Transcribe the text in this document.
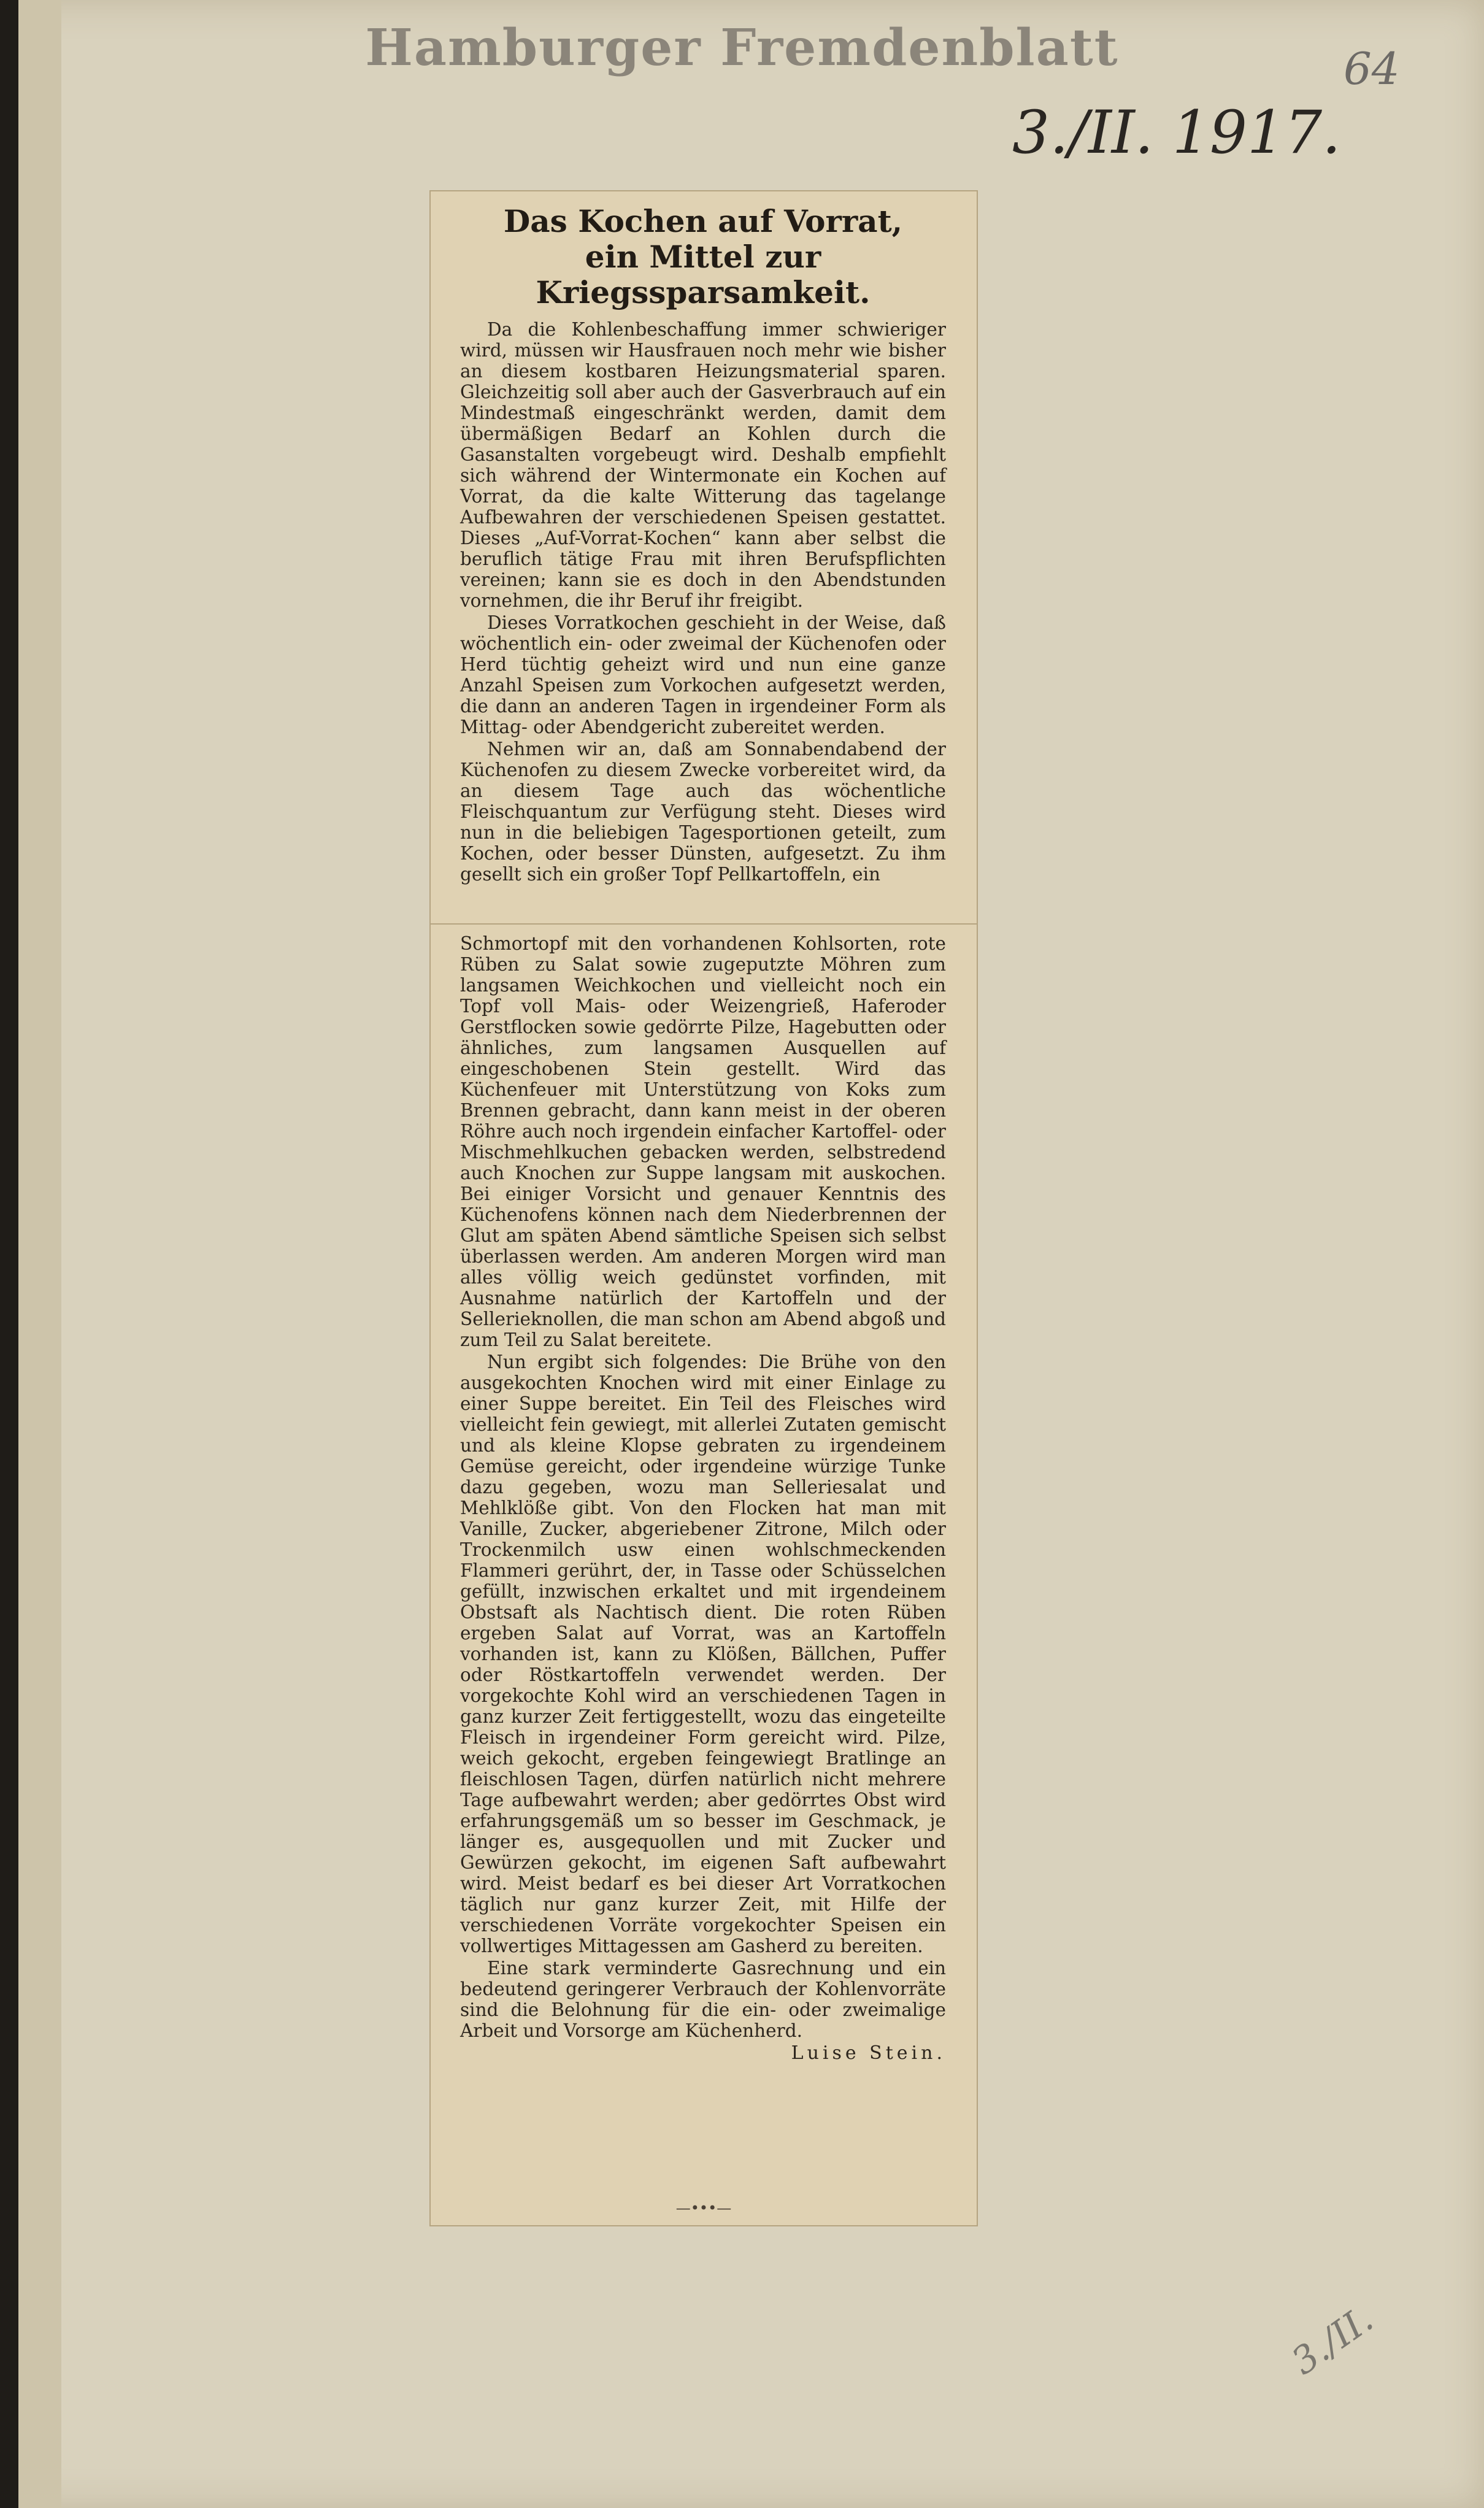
Hamburger Fremdenblatt
3./II. 1917.
64
3./II.
Das Kochen auf Vorrat,
ein Mittel zur Kriegssparsamkeit.

Da die Kohlenbeschaffung immer schwieriger wird, müssen wir Hausfrauen noch mehr wie bisher an diesem kostbaren Heizungsmaterial sparen. Gleichzeitig soll aber auch der Gasverbrauch auf ein Mindestmaß eingeschränkt werden, damit dem übermäßigen Bedarf an Kohlen durch die Gasanstalten vorgebeugt wird. Deshalb empfiehlt sich während der Wintermonate ein Kochen auf Vorrat, da die kalte Witterung das tagelange Aufbewahren der verschiedenen Speisen gestattet. Dieses „Auf-Vorrat-Kochen“ kann aber selbst die beruflich tätige Frau mit ihren Berufspflichten vereinen; kann sie es doch in den Abendstunden vornehmen, die ihr Beruf ihr freigibt.

Dieses Vorratkochen geschieht in der Weise, daß wöchentlich ein- oder zweimal der Küchenofen oder Herd tüchtig geheizt wird und nun eine ganze Anzahl Speisen zum Vorkochen aufgesetzt werden, die dann an anderen Tagen in irgendeiner Form als Mittag- oder Abendgericht zubereitet werden.

Nehmen wir an, daß am Sonnabendabend der Küchenofen zu diesem Zwecke vorbereitet wird, da an diesem Tage auch das wöchentliche Fleischquantum zur Verfügung steht. Dieses wird nun in die beliebigen Tagesportionen geteilt, zum Kochen, oder besser Dünsten, aufgesetzt. Zu ihm gesellt sich ein großer Topf Pellkartoffeln, ein

Schmortopf mit den vorhandenen Kohlsorten, rote Rüben zu Salat sowie zugeputzte Möhren zum langsamen Weichkochen und vielleicht noch ein Topf voll Mais- oder Weizengrieß, Haferoder Gerstflocken sowie gedörrte Pilze, Hagebutten oder ähnliches, zum langsamen Ausquellen auf eingeschobenen Stein gestellt. Wird das Küchenfeuer mit Unterstützung von Koks zum Brennen gebracht, dann kann meist in der oberen Röhre auch noch irgendein einfacher Kartoffel- oder Mischmehlkuchen gebacken werden, selbstredend auch Knochen zur Suppe langsam mit auskochen. Bei einiger Vorsicht und genauer Kenntnis des Küchenofens können nach dem Niederbrennen der Glut am späten Abend sämtliche Speisen sich selbst überlassen werden. Am anderen Morgen wird man alles völlig weich gedünstet vorfinden, mit Ausnahme natürlich der Kartoffeln und der Sellerieknollen, die man schon am Abend abgoß und zum Teil zu Salat bereitete.

Nun ergibt sich folgendes: Die Brühe von den ausgekochten Knochen wird mit einer Einlage zu einer Suppe bereitet. Ein Teil des Fleisches wird vielleicht fein gewiegt, mit allerlei Zutaten gemischt und als kleine Klopse gebraten zu irgendeinem Gemüse gereicht, oder irgendeine würzige Tunke dazu gegeben, wozu man Selleriesalat und Mehlklöße gibt. Von den Flocken hat man mit Vanille, Zucker, abgeriebener Zitrone, Milch oder Trockenmilch usw einen wohlschmeckenden Flammeri gerührt, der, in Tasse oder Schüsselchen gefüllt, inzwischen erkaltet und mit irgendeinem Obstsaft als Nachtisch dient. Die roten Rüben ergeben Salat auf Vorrat, was an Kartoffeln vorhanden ist, kann zu Klößen, Bällchen, Puffer oder Röstkartoffeln verwendet werden. Der vorgekochte Kohl wird an verschiedenen Tagen in ganz kurzer Zeit fertiggestellt, wozu das eingeteilte Fleisch in irgendeiner Form gereicht wird. Pilze, weich gekocht, ergeben feingewiegt Bratlinge an fleischlosen Tagen, dürfen natürlich nicht mehrere Tage aufbewahrt werden; aber gedörrtes Obst wird erfahrungsgemäß um so besser im Geschmack, je länger es, ausgequollen und mit Zucker und Gewürzen gekocht, im eigenen Saft aufbewahrt wird. Meist bedarf es bei dieser Art Vorratkochen täglich nur ganz kurzer Zeit, mit Hilfe der verschiedenen Vorräte vorgekochter Speisen ein vollwertiges Mittagessen am Gasherd zu bereiten.

Eine stark verminderte Gasrechnung und ein bedeutend geringerer Verbrauch der Kohlenvorräte sind die Belohnung für die ein- oder zweimalige Arbeit und Vorsorge am Küchenherd.

Luise Stein.
—•••—
